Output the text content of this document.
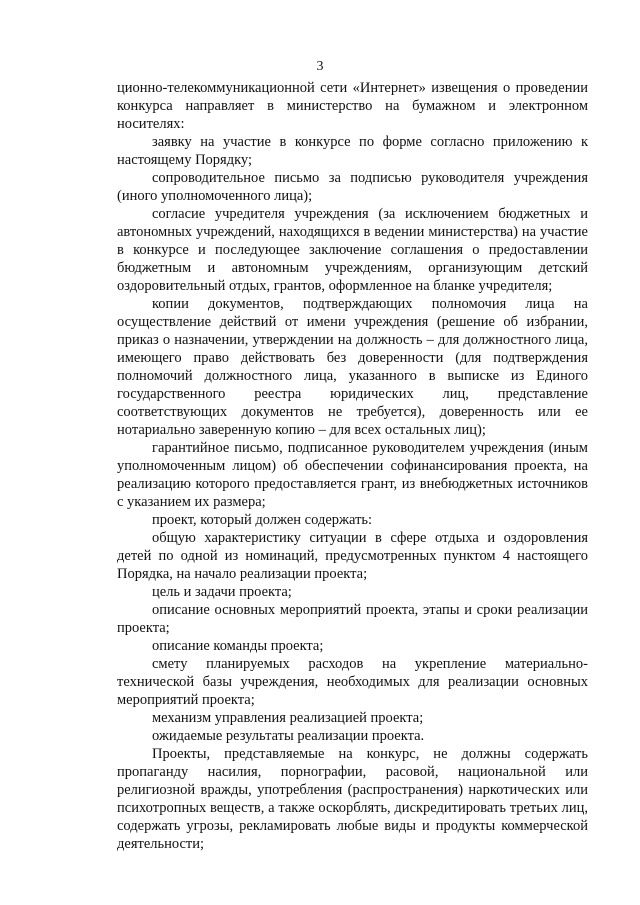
3

ционно-телекоммуникационной сети «Интернет» извещения о проведении конкурса направляет в министерство на бумажном и электронном носителях:

заявку на участие в конкурсе по форме согласно приложению к настоящему Порядку;

сопроводительное письмо за подписью руководителя учреждения (иного уполномоченного лица);

согласие учредителя учреждения (за исключением бюджетных и автономных учреждений, находящихся в ведении министерства) на участие в конкурсе и последующее заключение соглашения о предоставлении бюджетным и автономным учреждениям, организующим детский оздоровительный отдых, грантов, оформленное на бланке учредителя;

копии документов, подтверждающих полномочия лица на осуществление действий от имени учреждения (решение об избрании, приказ о назначении, утверждении на должность – для должностного лица, имеющего право действовать без доверенности (для подтверждения полномочий должностного лица, указанного в выписке из Единого государственного реестра юридических лиц, представление соответствующих документов не требуется), доверенность или ее нотариально заверенную копию – для всех остальных лиц);

гарантийное письмо, подписанное руководителем учреждения (иным уполномоченным лицом) об обеспечении софинансирования проекта, на реализацию которого предоставляется грант, из внебюджетных источников с указанием их размера;

проект, который должен содержать:

общую характеристику ситуации в сфере отдыха и оздоровления детей по одной из номинаций, предусмотренных пунктом 4 настоящего Порядка, на начало реализации проекта;

цель и задачи проекта;

описание основных мероприятий проекта, этапы и сроки реализации проекта;

описание команды проекта;

смету планируемых расходов на укрепление материально-технической базы учреждения, необходимых для реализации основных мероприятий проекта;

механизм управления реализацией проекта;

ожидаемые результаты реализации проекта.

Проекты, представляемые на конкурс, не должны содержать пропаганду насилия, порнографии, расовой, национальной или религиозной вражды, употребления (распространения) наркотических или психотропных веществ, а также оскорблять, дискредитировать третьих лиц, содержать угрозы, рекламировать любые виды и продукты коммерческой деятельности;
